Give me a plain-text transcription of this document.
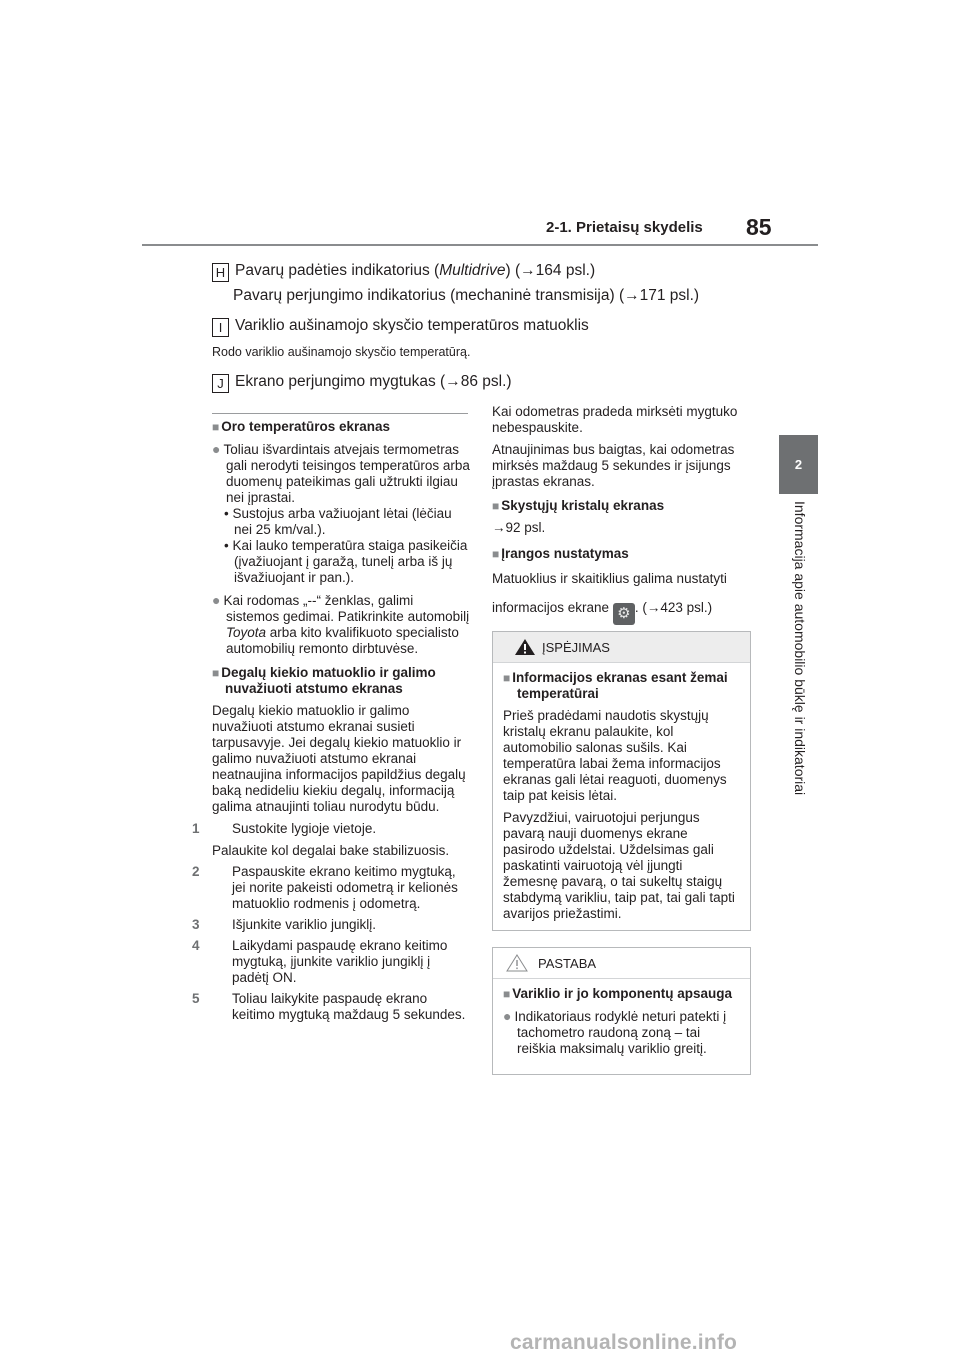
2-1. Prietaisų skydelis 85
2
Informacija apie automobilio būklę ir indikatoriai
H Pavarų padėties indikatorius (Multidrive) (→164 psl.)
Pavarų perjungimo indikatorius (mechaninė transmisija) (→171 psl.)
I Variklio aušinamojo skysčio temperatūros matuoklis
Rodo variklio aušinamojo skysčio temperatūrą.
J Ekrano perjungimo mygtukas (→86 psl.)

■ Oro temperatūros ekranas

● Toliau išvardintais atvejais termometras gali nerodyti teisingos temperatūros arba duomenų pateikimas gali užtrukti ilgiau nei įprastai.

• Sustojus arba važiuojant lėtai (lėčiau nei 25 km/val.).

• Kai lauko temperatūra staiga pasikeičia (įvažiuojant į garažą, tunelį arba iš jų išvažiuojant ir pan.).

● Kai rodomas „--“ ženklas, galimi sistemos gedimai. Patikrinkite automobilį Toyota arba kito kvalifikuoto specialisto automobilių remonto dirbtuvėse.

■ Degalų kiekio matuoklio ir galimo nuvažiuoti atstumo ekranas

Degalų kiekio matuoklio ir galimo nuvažiuoti atstumo ekranai susieti tarpusavyje. Jei degalų kiekio matuoklio ir galimo nuvažiuoti atstumo ekranai neatnaujina informacijos papildžius degalų baką nedideliu kiekiu degalų, informaciją galima atnaujinti toliau nurodytu būdu.

1 Sustokite lygioje vietoje.

Palaukite kol degalai bake stabilizuosis.

2 Paspauskite ekrano keitimo mygtuką, jei norite pakeisti odometrą ir kelionės matuoklio rodmenis į odometrą.

3 Išjunkite variklio jungiklį.

4 Laikydami paspaudę ekrano keitimo mygtuką, įjunkite variklio jungiklį į padėtį ON.

5 Toliau laikykite paspaudę ekrano keitimo mygtuką maždaug 5 sekundes.

Kai odometras pradeda mirksėti mygtuko nebespauskite.

Atnaujinimas bus baigtas, kai odometras mirksės maždaug 5 sekundes ir įsijungs įprastas ekranas.

■ Skystųjų kristalų ekranas

→92 psl.

■ Įrangos nustatymas

Matuoklius ir skaitiklius galima nustatyti

informacijos ekrane ⚙ . (→423 psl.)

ĮSPĖJIMAS

■ Informacijos ekranas esant žemai temperatūrai

Prieš pradėdami naudotis skystųjų kristalų ekranu palaukite, kol automobilio salonas sušils. Kai temperatūra labai žema informacijos ekranas gali lėtai reaguoti, duomenys taip pat keisis lėtai.

Pavyzdžiui, vairuotojui perjungus pavarą nauji duomenys ekrane pasirodo uždelstai. Uždelsimas gali paskatinti vairuotoją vėl įjungti žemesnę pavarą, o tai sukeltų staigų stabdymą varikliu, taip pat, tai gali tapti avarijos priežastimi.

PASTABA

■ Variklio ir jo komponentų apsauga

● Indikatoriaus rodyklė neturi patekti į tachometro raudoną zoną – tai reiškia maksimalų variklio greitį.

carmanualsonline.info
